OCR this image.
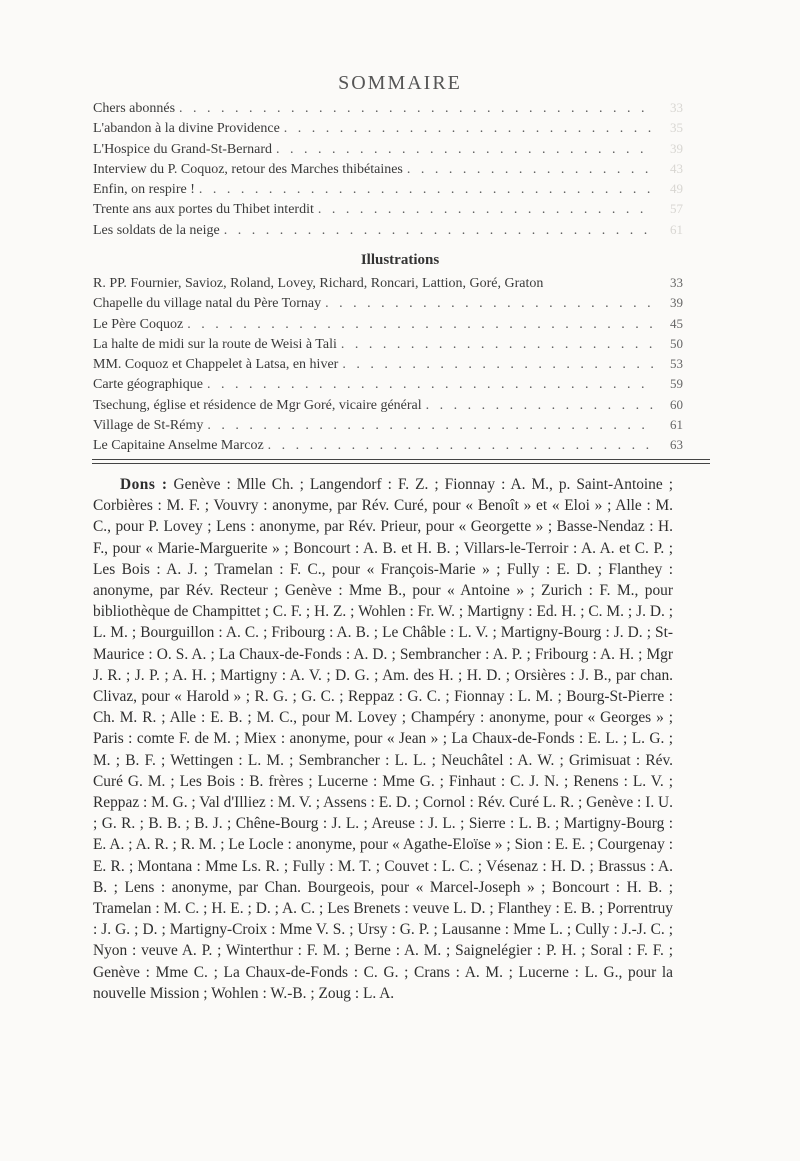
SOMMAIRE
Chers abonnés . . .	33
L'abandon à la divine Providence . . .	35
L'Hospice du Grand-St-Bernard . . .	39
Interview du P. Coquoz, retour des Marches thibétaines . . .	43
Enfin, on respire ! . . .	49
Trente ans aux portes du Thibet interdit . . .	57
Les soldats de la neige . . .	61
Illustrations
R. PP. Fournier, Savioz, Roland, Lovey, Richard, Roncari, Lattion, Goré, Graton	33
Chapelle du village natal du Père Tornay . . .	39
Le Père Coquoz . . .	45
La halte de midi sur la route de Weisi à Tali . . .	50
MM. Coquoz et Chappelet à Latsa, en hiver . . .	53
Carte géographique . . .	59
Tsechung, église et résidence de Mgr Goré, vicaire général . . .	60
Village de St-Rémy . . .	61
Le Capitaine Anselme Marcoz . . .	63

Dons : Genève : Mlle Ch. ; Langendorf : F. Z. ; Fionnay : A. M., p. Saint-Antoine ; Corbières : M. F. ; Vouvry : anonyme, par Rév. Curé, pour « Benoît » et « Eloi » ; Alle : M. C., pour P. Lovey ; Lens : anonyme, par Rév. Prieur, pour « Georgette » ; Basse-Nendaz : H. F., pour « Marie-Marguerite » ; Boncourt : A. B. et H. B. ; Villars-le-Terroir : A. A. et C. P. ; Les Bois : A. J. ; Tramelan : F. C., pour « François-Marie » ; Fully : E. D. ; Flanthey : anonyme, par Rév. Recteur ; Genève : Mme B., pour « Antoine » ; Zurich : F. M., pour bibliothèque de Champittet ; C. F. ; H. Z. ; Wohlen : Fr. W. ; Martigny : Ed. H. ; C. M. ; J. D. ; L. M. ; Bourguillon : A. C. ; Fribourg : A. B. ; Le Châble : L. V. ; Martigny-Bourg : J. D. ; St-Maurice : O. S. A. ; La Chaux-de-Fonds : A. D. ; Sembrancher : A. P. ; Fribourg : A. H. ; Mgr J. R. ; J. P. ; A. H. ; Martigny : A. V. ; D. G. ; Am. des H. ; H. D. ; Orsières : J. B., par chan. Clivaz, pour « Harold » ; R. G. ; G. C. ; Reppaz : G. C. ; Fionnay : L. M. ; Bourg-St-Pierre : Ch. M. R. ; Alle : E. B. ; M. C., pour M. Lovey ; Champéry : anonyme, pour « Georges » ; Paris : comte F. de M. ; Miex : anonyme, pour « Jean » ; La Chaux-de-Fonds : E. L. ; L. G. ; M. ; B. F. ; Wettingen : L. M. ; Sembrancher : L. L. ; Neuchâtel : A. W. ; Grimisuat : Rév. Curé G. M. ; Les Bois : B. frères ; Lucerne : Mme G. ; Finhaut : C. J. N. ; Renens : L. V. ; Reppaz : M. G. ; Val d'Illiez : M. V. ; Assens : E. D. ; Cornol : Rév. Curé L. R. ; Genève : I. U. ; G. R. ; B. B. ; B. J. ; Chêne-Bourg : J. L. ; Areuse : J. L. ; Sierre : L. B. ; Martigny-Bourg : E. A. ; A. R. ; R. M. ; Le Locle : anonyme, pour « Agathe-Eloïse » ; Sion : E. E. ; Courgenay : E. R. ; Montana : Mme Ls. R. ; Fully : M. T. ; Couvet : L. C. ; Vésenaz : H. D. ; Brassus : A. B. ; Lens : anonyme, par Chan. Bourgeois, pour « Marcel-Joseph » ; Boncourt : H. B. ; Tramelan : M. C. ; H. E. ; D. ; A. C. ; Les Brenets : veuve L. D. ; Flanthey : E. B. ; Porrentruy : J. G. ; D. ; Martigny-Croix : Mme V. S. ; Ursy : G. P. ; Lausanne : Mme L. ; Cully : J.-J. C. ; Nyon : veuve A. P. ; Winterthur : F. M. ; Berne : A. M. ; Saignelégier : P. H. ; Soral : F. F. ; Genève : Mme C. ; La Chaux-de-Fonds : C. G. ; Crans : A. M. ; Lucerne : L. G., pour la nouvelle Mission ; Wohlen : W.-B. ; Zoug : L. A.
